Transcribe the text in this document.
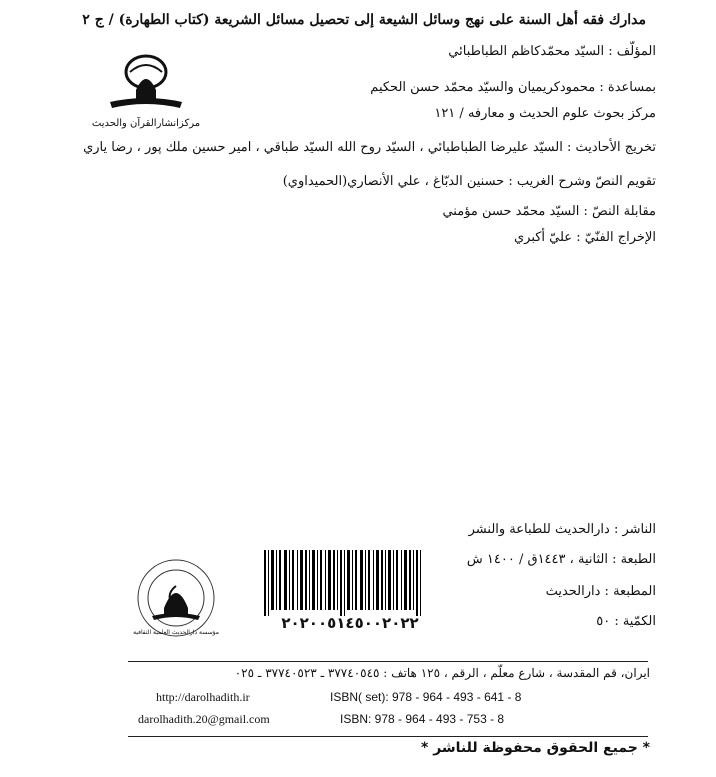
مدارك فقه أهل السنة على نهج وسائل الشيعة إلى تحصيل مسائل الشريعة (كتاب الطهارة) / ج ٢
مرکزانشارالقرآن والحدیث
المؤلّف : السيّد محمّدكاظم الطباطبائي
بمساعدة : محمودكريميان والسيّد محمّد حسن الحكيم
مركز بحوث علوم الحديث و معارفه / ١٢١
تخريج الأحاديث : السيّد عليرضا الطباطبائي ، السيّد روح الله السيّد طباقي ، امير حسين ملك پور ، رضا ياري
تقويم النصّ وشرح الغريب : حسنين الدبّاغ ، علي الأنصاري(الحميداوي)
مقابلة النصّ : السيّد محمّد حسن مؤمني
الإخراج الفنّيّ : عليّ أكبري
الناشر : دارالحديث للطباعة والنشر
الطبعة : الثانية ، ١٤٤٣ق / ١٤٠٠ ش
المطبعة : دارالحديث
الكمّية : ٥٠
٢٠٢٠٠٥١٤٥٠٠٢٠٢٢
مؤسسة دارالحديث العلمية الثقافية
ايران، قم المقدسة ، شارع معلّم ، الرقم ، ١٢٥ هاتف : ٣٧٧٤٠٥٤٥ ـ ٣٧٧٤٠٥٢٣ ـ ٠٢٥
http://darolhadith.ir
darolhadith.20@gmail.com
ISBN( set): 978 - 964 - 493 - 641 - 8
ISBN: 978 - 964 - 493 - 753 - 8
* جميع الحقوق محفوظة للناشر *
